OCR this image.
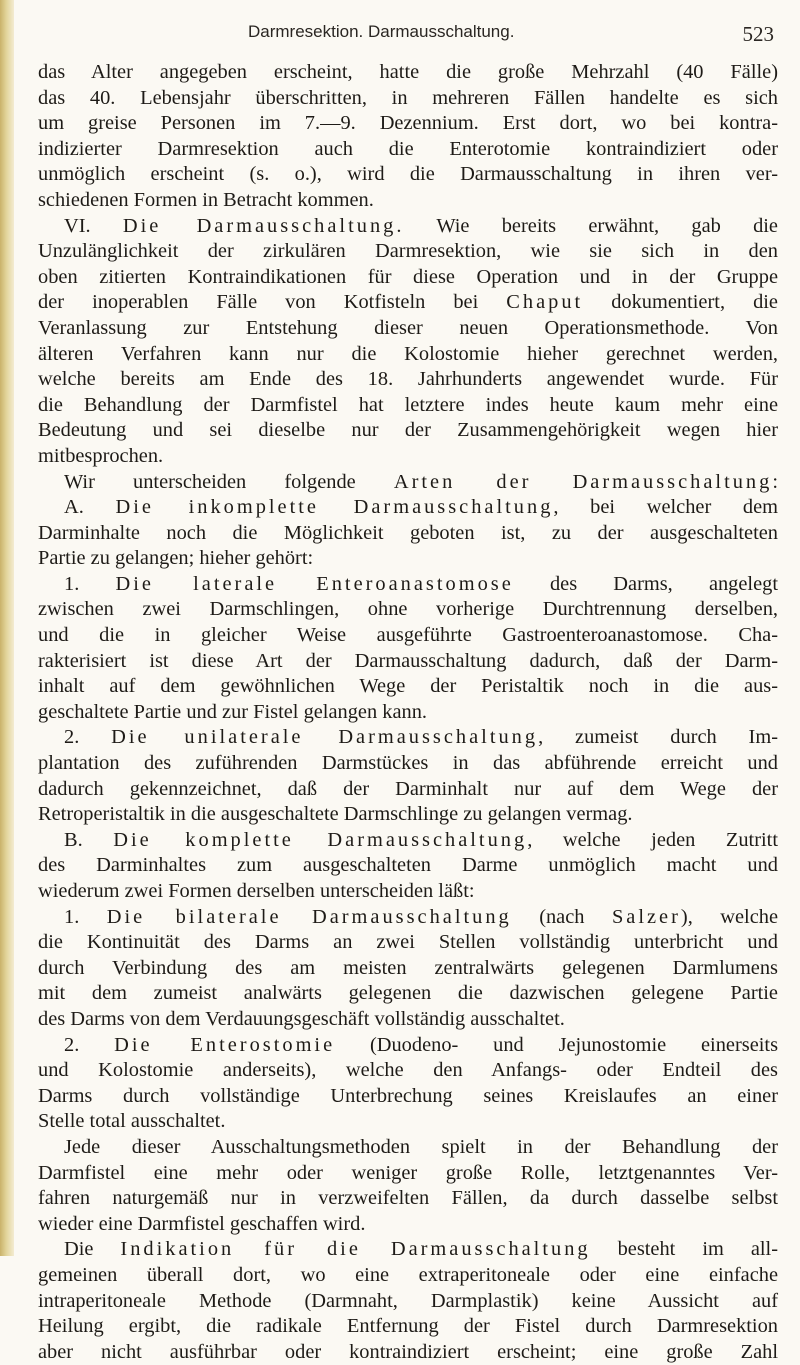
Darmresektion. Darmausschaltung.	523
das Alter angegeben erscheint, hatte die große Mehrzahl (40 Fälle)
das 40. Lebensjahr überschritten, in mehreren Fällen handelte es sich
um greise Personen im 7.—9. Dezennium. Erst dort, wo bei kontra-
indizierter Darmresektion auch die Enterotomie kontraindiziert oder
unmöglich erscheint (s. o.), wird die Darmausschaltung in ihren ver-
schiedenen Formen in Betracht kommen.
VI. Die Darmausschaltung. Wie bereits erwähnt, gab die
Unzulänglichkeit der zirkulären Darmresektion, wie sie sich in den
oben zitierten Kontraindikationen für diese Operation und in der Gruppe
der inoperablen Fälle von Kotfisteln bei Chaput dokumentiert, die
Veranlassung zur Entstehung dieser neuen Operationsmethode. Von
älteren Verfahren kann nur die Kolostomie hieher gerechnet werden,
welche bereits am Ende des 18. Jahrhunderts angewendet wurde. Für
die Behandlung der Darmfistel hat letztere indes heute kaum mehr eine
Bedeutung und sei dieselbe nur der Zusammengehörigkeit wegen hier
mitbesprochen.
Wir unterscheiden folgende Arten der Darmausschaltung:
A. Die inkomplette Darmausschaltung, bei welcher dem
Darminhalte noch die Möglichkeit geboten ist, zu der ausgeschalteten
Partie zu gelangen; hieher gehört:
1. Die laterale Enteroanastomose des Darms, angelegt
zwischen zwei Darmschlingen, ohne vorherige Durchtrennung derselben,
und die in gleicher Weise ausgeführte Gastroenteroanastomose. Cha-
rakterisiert ist diese Art der Darmausschaltung dadurch, daß der Darm-
inhalt auf dem gewöhnlichen Wege der Peristaltik noch in die aus-
geschaltete Partie und zur Fistel gelangen kann.
2. Die unilaterale Darmausschaltung, zumeist durch Im-
plantation des zuführenden Darmstückes in das abführende erreicht und
dadurch gekennzeichnet, daß der Darminhalt nur auf dem Wege der
Retroperistaltik in die ausgeschaltete Darmschlinge zu gelangen vermag.
B. Die komplette Darmausschaltung, welche jeden Zutritt
des Darminhaltes zum ausgeschalteten Darme unmöglich macht und
wiederum zwei Formen derselben unterscheiden läßt:
1. Die bilaterale Darmausschaltung (nach Salzer), welche
die Kontinuität des Darms an zwei Stellen vollständig unterbricht und
durch Verbindung des am meisten zentralwärts gelegenen Darmlumens
mit dem zumeist analwärts gelegenen die dazwischen gelegene Partie
des Darms von dem Verdauungsgeschäft vollständig ausschaltet.
2. Die Enterostomie (Duodeno- und Jejunostomie einerseits
und Kolostomie anderseits), welche den Anfangs- oder Endteil des
Darms durch vollständige Unterbrechung seines Kreislaufes an einer
Stelle total ausschaltet.
Jede dieser Ausschaltungsmethoden spielt in der Behandlung der
Darmfistel eine mehr oder weniger große Rolle, letztgenanntes Ver-
fahren naturgemäß nur in verzweifelten Fällen, da durch dasselbe selbst
wieder eine Darmfistel geschaffen wird.
Die Indikation für die Darmausschaltung besteht im all-
gemeinen überall dort, wo eine extraperitoneale oder eine einfache
intraperitoneale Methode (Darmnaht, Darmplastik) keine Aussicht auf
Heilung ergibt, die radikale Entfernung der Fistel durch Darmresektion
aber nicht ausführbar oder kontraindiziert erscheint; eine große Zahl
